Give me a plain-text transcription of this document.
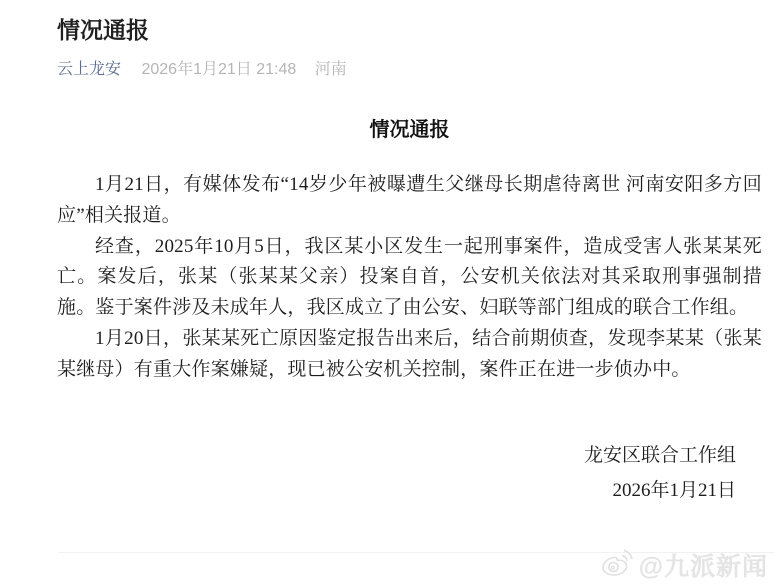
情况通报
云上龙安 2026年1月21日 21:48 河南
情况通报

1月21日，有媒体发布“14岁少年被曝遭生父继母长期虐待离世 河南安阳多方回应”相关报道。

经查，2025年10月5日，我区某小区发生一起刑事案件，造成受害人张某某死亡。案发后，张某（张某某父亲）投案自首，公安机关依法对其采取刑事强制措施。鉴于案件涉及未成年人，我区成立了由公安、妇联等部门组成的联合工作组。

1月20日，张某某死亡原因鉴定报告出来后，结合前期侦查，发现李某某（张某某继母）有重大作案嫌疑，现已被公安机关控制，案件正在进一步侦办中。

龙安区联合工作组
2026年1月21日
@九派新闻
